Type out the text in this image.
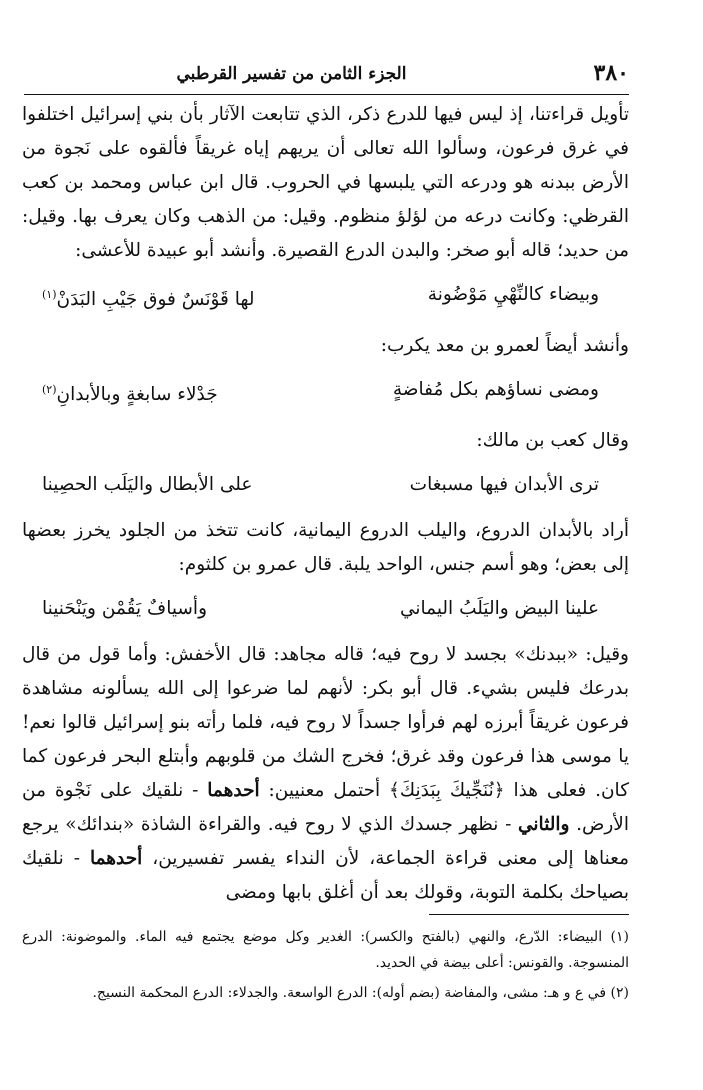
٣٨٠
الجزء الثامن من تفسير القرطبي

تأويل قراءتنا، إذ ليس فيها للدرع ذكر، الذي تتابعت الآثار بأن بني إسرائيل اختلفوا في غرق فرعون، وسألوا الله تعالى أن يريهم إياه غريقاً فألقوه على نَجوة من الأرض ببدنه هو ودرعه التي يلبسها في الحروب. قال ابن عباس ومحمد بن كعب القرظي: وكانت درعه من لؤلؤ منظوم. وقيل: من الذهب وكان يعرف بها. وقيل: من حديد؛ قاله أبو صخر: والبدن الدرع القصيرة. وأنشد أبو عبيدة للأعشى:

وبيضاء كالنِّهْيِ مَوْضُونة
لها قَوْنَسٌ فوق جَيْبِ البَدَنْ$^{(١)}$

وأنشد أيضاً لعمرو بن معد يكرب:

ومضى نساؤهم بكل مُفاضةٍ
جَدْلاء سابغةٍ وبالأبدانِ$^{(٢)}$

وقال كعب بن مالك:

ترى الأبدان فيها مسبغات
على الأبطال واليَلَب الحصِينا

أراد بالأبدان الدروع، واليلب الدروع اليمانية، كانت تتخذ من الجلود يخرز بعضها إلى بعض؛ وهو أسم جنس، الواحد يلبة. قال عمرو بن كلثوم:

علينا البيض واليَلَبُ اليماني
وأسيافٌ يَقُمْن ويَنْحَنينا

وقيل: «ببدنك» بجسد لا روح فيه؛ قاله مجاهد: قال الأخفش: وأما قول من قال بدرعك فليس بشيء. قال أبو بكر: لأنهم لما ضرعوا إلى الله يسألونه مشاهدة فرعون غريقاً أبرزه لهم فرأوا جسداً لا روح فيه، فلما رأته بنو إسرائيل قالوا نعم! يا موسى هذا فرعون وقد غرق؛ فخرج الشك من قلوبهم وأبتلع البحر فرعون كما كان. فعلى هذا ﴿نُنَجِّيكَ بِبَدَنِكَ﴾ أحتمل معنيين: أحدهما - نلقيك على نَجْوة من الأرض. والثاني - نظهر جسدك الذي لا روح فيه. والقراءة الشاذة «بندائك» يرجع معناها إلى معنى قراءة الجماعة، لأن النداء يفسر تفسيرين، أحدهما - نلقيك بصياحك بكلمة التوبة، وقولك بعد أن أغلق بابها ومضى

(١) البيضاء: الدّرع، والنهي (بالفتح والكسر): الغدير وكل موضع يجتمع فيه الماء. والموضونة: الدرع المنسوجة. والقونس: أعلى بيضة في الحديد.

(٢) في ع و هـ: مشى، والمفاضة (بضم أوله): الدرع الواسعة. والجدلاء: الدرع المحكمة النسيج.
